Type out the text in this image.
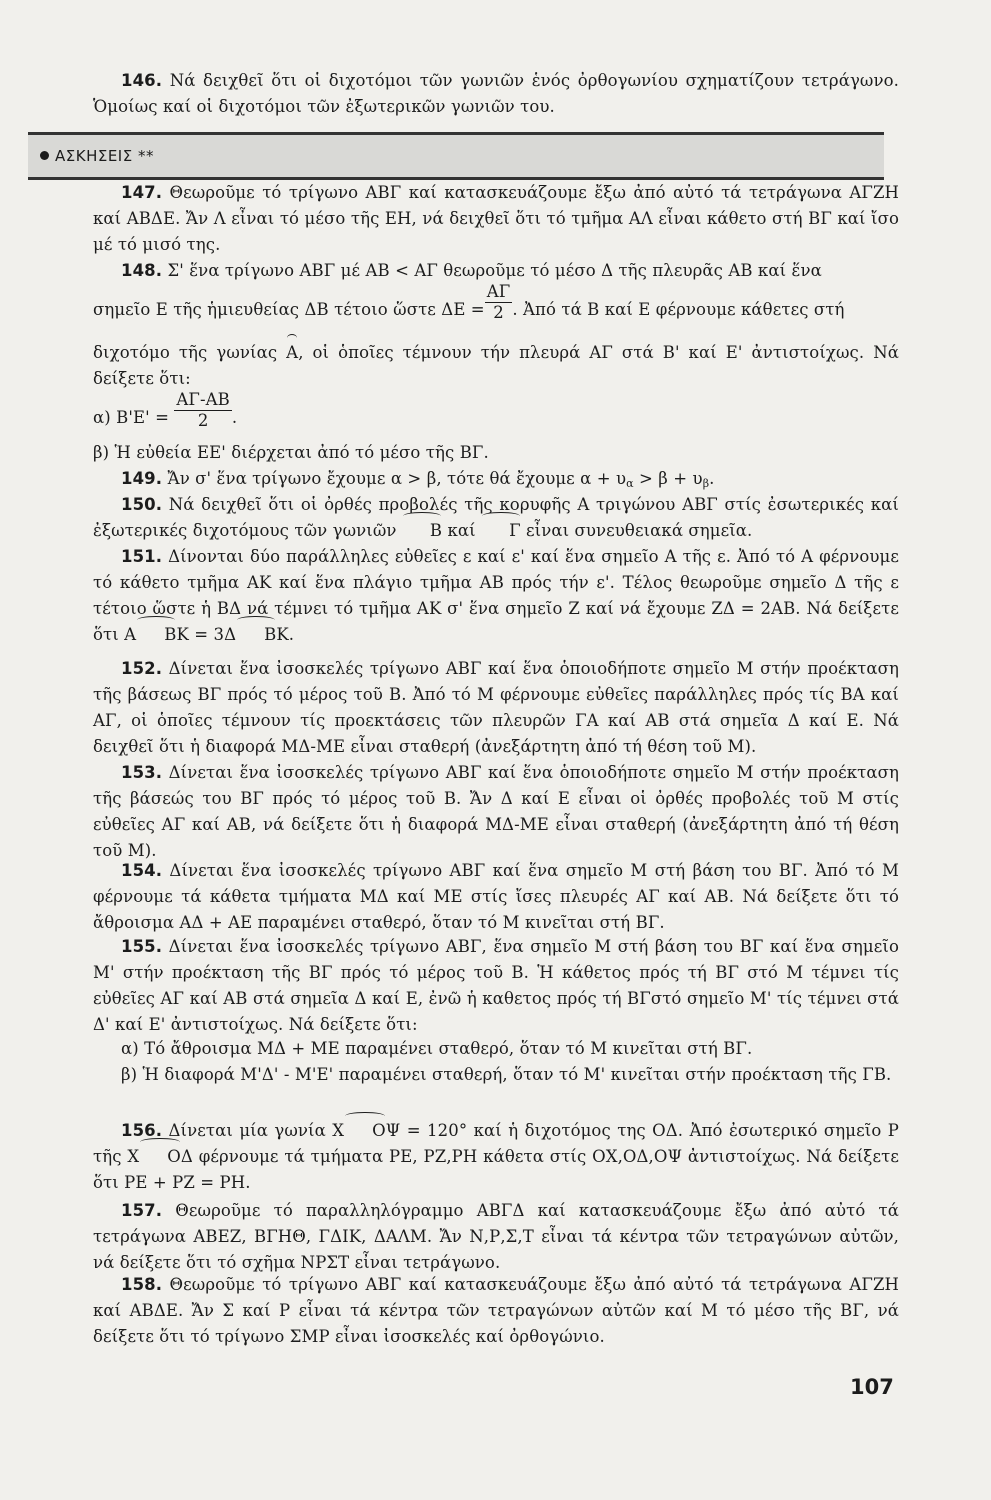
146. Νά δειχθεῖ ὅτι οἱ διχοτόμοι τῶν γωνιῶν ἑνός ὀρθογωνίου σχηματίζουν τετράγωνο. Ὁμοίως καί οἱ διχοτόμοι τῶν ἐξωτερικῶν γωνιῶν του.
ΑΣΚΗΣΕΙΣ **
147. Θεωροῦμε τό τρίγωνο ΑΒΓ καί κατασκευάζουμε ἔξω ἀπό αὐτό τά τετράγωνα ΑΓΖΗ καί ΑΒΔΕ. Ἄν Λ εἶναι τό μέσο τῆς ΕΗ, νά δειχθεῖ ὅτι τό τμῆμα ΑΛ εἶναι κάθετο στή ΒΓ καί ἴσο μέ τό μισό της.
148. Σ' ἕνα τρίγωνο ΑΒΓ μέ ΑΒ < ΑΓ θεωροῦμε τό μέσο Δ τῆς πλευρᾶς ΑΒ καί ἕνα
σημεῖο Ε τῆς ἡμιευθείας ΔΒ τέτοιο ὥστε $\Delta E = \frac{A\Gamma}{2}$ . Ἀπό τά Β καί Ε φέρνουμε κάθετες στή
διχοτόμο τῆς γωνίας Α, οἱ ὁποῖες τέμνουν τήν πλευρά ΑΓ στά Β' καί Ε' ἀντιστοίχως. Νά δείξετε ὅτι:
α) $B'E' = \frac{A\Gamma-AB}{2}$ .
β) Ἡ εὐθεία ΕΕ' διέρχεται ἀπό τό μέσο τῆς ΒΓ.
149. Ἄν σ' ἕνα τρίγωνο ἔχουμε α > β, τότε θά ἔχουμε $\alpha + \upsilon_\alpha > \beta + \upsilon_\beta$.
150. Νά δειχθεῖ ὅτι οἱ ὀρθές προβολές τῆς κορυφῆς Α τριγώνου ΑΒΓ στίς ἐσωτερικές καί ἐξωτερικές διχοτόμους τῶν γωνιῶν Β καί Γ εἶναι συνευθειακά σημεῖα.
151. Δίνονται δύο παράλληλες εὐθεῖες ε καί ε' καί ἕνα σημεῖο Α τῆς ε. Ἀπό τό Α φέρνουμε τό κάθετο τμῆμα ΑΚ καί ἕνα πλάγιο τμῆμα ΑΒ πρός τήν ε'. Τέλος θεωροῦμε σημεῖο Δ τῆς ε τέτοιο ὥστε ἡ ΒΔ νά τέμνει τό τμῆμα ΑΚ σ' ἕνα σημεῖο Ζ καί νά ἔχουμε ΖΔ = 2ΑΒ. Νά δείξετε ὅτι Α ΒΚ = 3Δ ΒΚ.
152. Δίνεται ἕνα ἰσοσκελές τρίγωνο ΑΒΓ καί ἕνα ὁποιοδήποτε σημεῖο Μ στήν προέκταση τῆς βάσεως ΒΓ πρός τό μέρος τοῦ Β. Ἀπό τό Μ φέρνουμε εὐθεῖες παράλληλες πρός τίς ΒΑ καί ΑΓ, οἱ ὁποῖες τέμνουν τίς προεκτάσεις τῶν πλευρῶν ΓΑ καί ΑΒ στά σημεῖα Δ καί Ε. Νά δειχθεῖ ὅτι ἡ διαφορά ΜΔ-ΜΕ εἶναι σταθερή (ἀνεξάρτητη ἀπό τή θέση τοῦ Μ).
153. Δίνεται ἕνα ἰσοσκελές τρίγωνο ΑΒΓ καί ἕνα ὁποιοδήποτε σημεῖο Μ στήν προέκταση τῆς βάσεώς του ΒΓ πρός τό μέρος τοῦ Β. Ἄν Δ καί Ε εἶναι οἱ ὀρθές προβολές τοῦ Μ στίς εὐθεῖες ΑΓ καί ΑΒ, νά δείξετε ὅτι ἡ διαφορά ΜΔ-ΜΕ εἶναι σταθερή (ἀνεξάρτητη ἀπό τή θέση τοῦ Μ).
154. Δίνεται ἕνα ἰσοσκελές τρίγωνο ΑΒΓ καί ἕνα σημεῖο Μ στή βάση του ΒΓ. Ἀπό τό Μ φέρνουμε τά κάθετα τμήματα ΜΔ καί ΜΕ στίς ἴσες πλευρές ΑΓ καί ΑΒ. Νά δείξετε ὅτι τό ἄθροισμα ΑΔ + ΑΕ παραμένει σταθερό, ὅταν τό Μ κινεῖται στή ΒΓ.
155. Δίνεται ἕνα ἰσοσκελές τρίγωνο ΑΒΓ, ἕνα σημεῖο Μ στή βάση του ΒΓ καί ἕνα σημεῖο Μ' στήν προέκταση τῆς ΒΓ πρός τό μέρος τοῦ Β. Ἡ κάθετος πρός τή ΒΓ στό Μ τέμνει τίς εὐθεῖες ΑΓ καί ΑΒ στά σημεῖα Δ καί Ε, ἐνῶ ἡ καθετος πρός τή ΒΓστό σημεῖο Μ' τίς τέμνει στά Δ' καί Ε' ἀντιστοίχως. Νά δείξετε ὅτι:
α) Τό ἄθροισμα ΜΔ + ΜΕ παραμένει σταθερό, ὅταν τό Μ κινεῖται στή ΒΓ.
β) Ἡ διαφορά Μ'Δ' - Μ'Ε' παραμένει σταθερή, ὅταν τό Μ' κινεῖται στήν προέκταση τῆς ΓΒ.
156. Δίνεται μία γωνία Χ ΟΨ = 120° καί ἡ διχοτόμος της ΟΔ. Ἀπό ἐσωτερικό σημεῖο Ρ τῆς Χ ΟΔ φέρνουμε τά τμήματα ΡΕ, ΡΖ,ΡΗ κάθετα στίς ΟΧ,ΟΔ,ΟΨ ἀντιστοίχως. Νά δείξετε ὅτι ΡΕ + ΡΖ = ΡΗ.
157. Θεωροῦμε τό παραλληλόγραμμο ΑΒΓΔ καί κατασκευάζουμε ἔξω ἀπό αὐτό τά τετράγωνα ΑΒΕΖ, ΒΓΗΘ, ΓΔΙΚ, ΔΑΛΜ. Ἄν Ν,Ρ,Σ,Τ εἶναι τά κέντρα τῶν τετραγώνων αὐτῶν, νά δείξετε ὅτι τό σχῆμα ΝΡΣΤ εἶναι τετράγωνο.
158. Θεωροῦμε τό τρίγωνο ΑΒΓ καί κατασκευάζουμε ἔξω ἀπό αὐτό τά τετράγωνα ΑΓΖΗ καί ΑΒΔΕ. Ἄν Σ καί Ρ εἶναι τά κέντρα τῶν τετραγώνων αὐτῶν καί Μ τό μέσο τῆς ΒΓ, νά δείξετε ὅτι τό τρίγωνο ΣΜΡ εἶναι ἰσοσκελές καί ὀρθογώνιο.
107
